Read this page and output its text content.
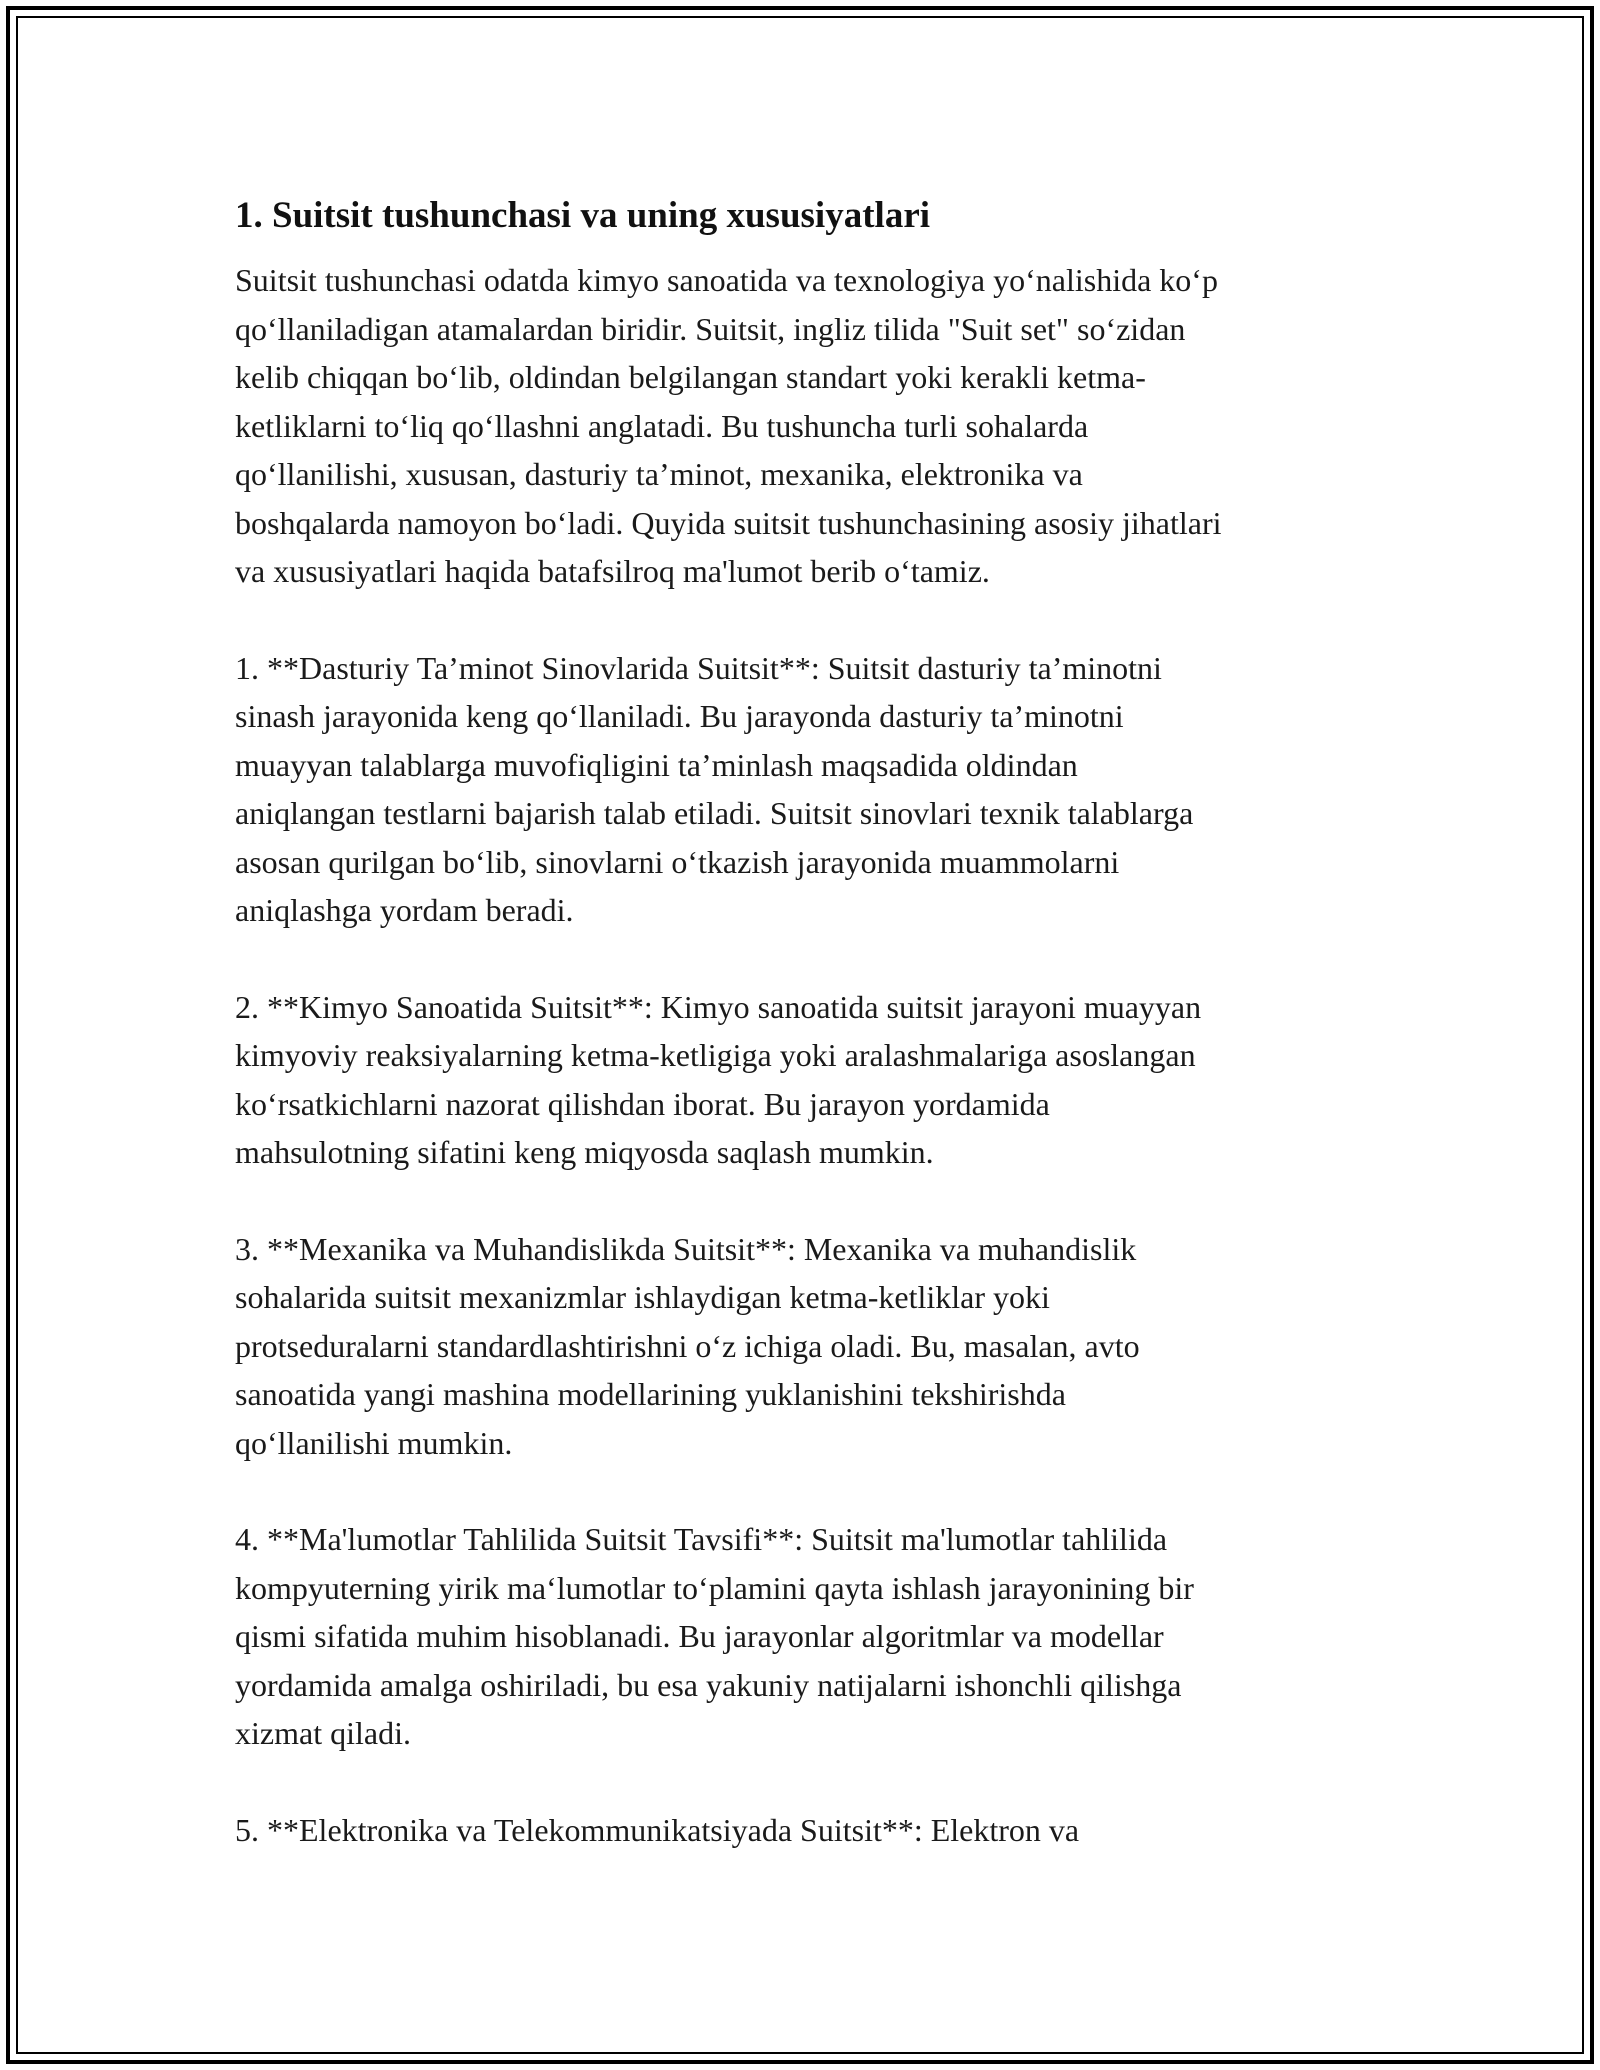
1. Suitsit tushunchasi va uning xususiyatlari

Suitsit tushunchasi odatda kimyo sanoatida va texnologiya yo‘nalishida ko‘p
qo‘llaniladigan atamalardan biridir. Suitsit, ingliz tilida "Suit set" so‘zidan
kelib chiqqan bo‘lib, oldindan belgilangan standart yoki kerakli ketma-
ketliklarni to‘liq qo‘llashni anglatadi. Bu tushuncha turli sohalarda
qo‘llanilishi, xususan, dasturiy ta’minot, mexanika, elektronika va
boshqalarda namoyon bo‘ladi. Quyida suitsit tushunchasining asosiy jihatlari
va xususiyatlari haqida batafsilroq ma'lumot berib o‘tamiz.

1. **Dasturiy Ta’minot Sinovlarida Suitsit**: Suitsit dasturiy ta’minotni
sinash jarayonida keng qo‘llaniladi. Bu jarayonda dasturiy ta’minotni
muayyan talablarga muvofiqligini ta’minlash maqsadida oldindan
aniqlangan testlarni bajarish talab etiladi. Suitsit sinovlari texnik talablarga
asosan qurilgan bo‘lib, sinovlarni o‘tkazish jarayonida muammolarni
aniqlashga yordam beradi.

2. **Kimyo Sanoatida Suitsit**: Kimyo sanoatida suitsit jarayoni muayyan
kimyoviy reaksiyalarning ketma-ketligiga yoki aralashmalariga asoslangan
ko‘rsatkichlarni nazorat qilishdan iborat. Bu jarayon yordamida
mahsulotning sifatini keng miqyosda saqlash mumkin.

3. **Mexanika va Muhandislikda Suitsit**: Mexanika va muhandislik
sohalarida suitsit mexanizmlar ishlaydigan ketma-ketliklar yoki
protseduralarni standardlashtirishni o‘z ichiga oladi. Bu, masalan, avto
sanoatida yangi mashina modellarining yuklanishini tekshirishda
qo‘llanilishi mumkin.

4. **Ma'lumotlar Tahlilida Suitsit Tavsifi**: Suitsit ma'lumotlar tahlilida
kompyuterning yirik ma‘lumotlar to‘plamini qayta ishlash jarayonining bir
qismi sifatida muhim hisoblanadi. Bu jarayonlar algoritmlar va modellar
yordamida amalga oshiriladi, bu esa yakuniy natijalarni ishonchli qilishga
xizmat qiladi.

5. **Elektronika va Telekommunikatsiyada Suitsit**: Elektron va
